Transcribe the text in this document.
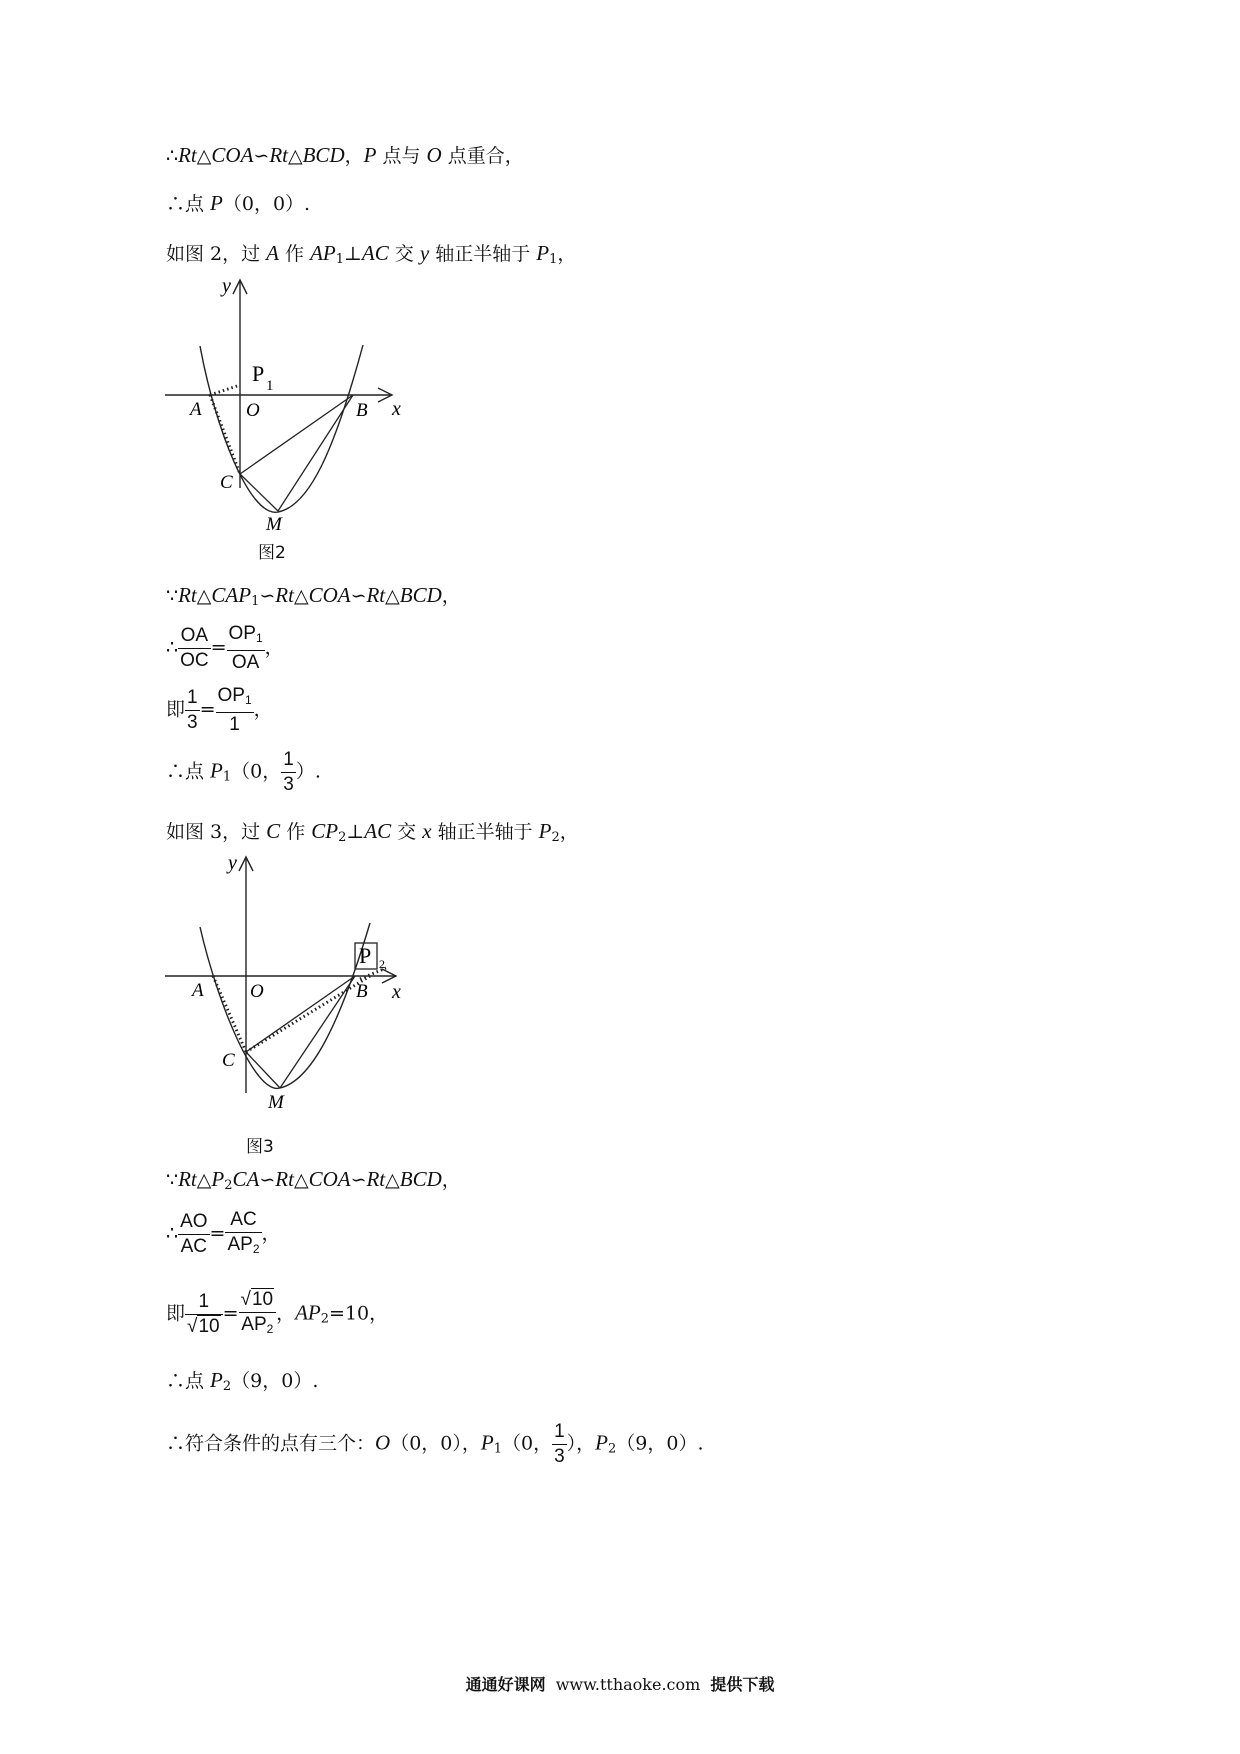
∴Rt△COA∽Rt△BCD，P 点与 O 点重合，
∴点 P（0，0）.
如图 2，过 A 作 $AP_1\perp AC$ 交 y 轴正半轴于 $P_1$，
y
x
P 1
A O	B
C
M
图2
$\because Rt\triangle CAP_1∽Rt\triangle COA∽Rt\triangle BCD$，
∴ $\frac{OA}{OC} = \frac{OP_1}{OA}$ ，
即 $\frac{1}{3} = \frac{OP_1}{1}$ ，
∴点 $P_1(0$， $\frac{1}{3}$ ）.
如图 3，过 C 作 $CP_2\perp AC$ 交 x 轴正半轴于 $P_2$，
y
x
P 2
A O	B
C
M
图3
$\because Rt\triangle P_2CA∽Rt\triangle COA∽Rt\triangle BCD$，
∴ $\frac{AO}{AC} = \frac{AC}{AP_2}$ ，
即 $\frac{1}{√10} = \frac{√10}{AP_2}$ ，$AP_2=10$，
∴点 $P_2(9$，0）.
∴符合条件的点有三个：O（0，0），$P_1(0$， $\frac{1}{3}$ ），$P_2(9$，0）.
通通好课网 www.tthaoke.com 提供下载
